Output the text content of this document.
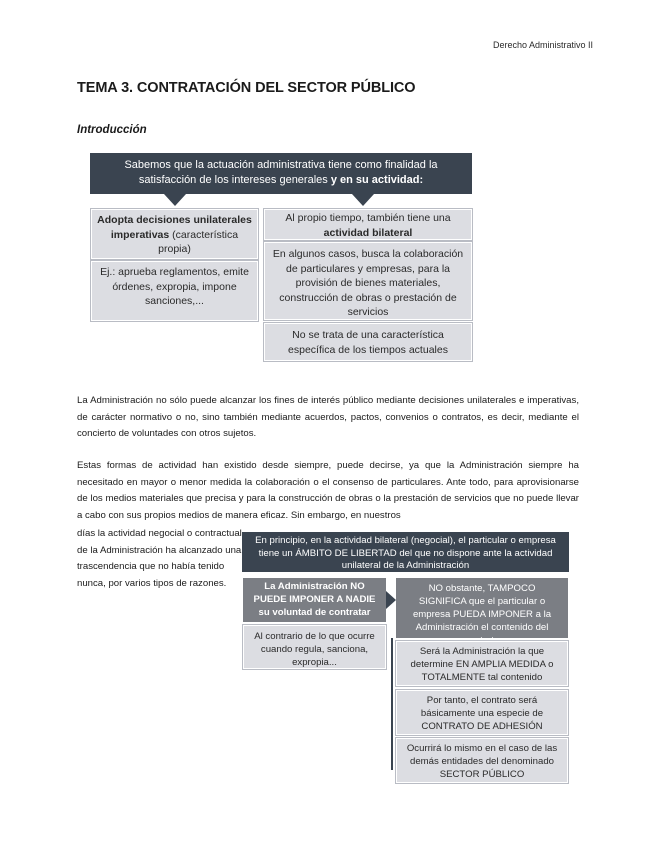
Derecho Administrativo II
TEMA 3. CONTRATACIÓN DEL SECTOR PÚBLICO
Introducción
Sabemos que la actuación administrativa tiene como finalidad la satisfacción de los intereses generales y en su actividad:
Adopta decisiones unilaterales imperativas (característica propia)
Ej.: aprueba reglamentos, emite órdenes, expropia, impone sanciones,...
Al propio tiempo, también tiene una actividad bilateral
En algunos casos, busca la colaboración de particulares y empresas, para la provisión de bienes materiales, construcción de obras o prestación de servicios
No se trata de una característica específica de los tiempos actuales
La Administración no sólo puede alcanzar los fines de interés público mediante decisiones unilaterales e imperativas, de carácter normativo o no, sino también mediante acuerdos, pactos, convenios o contratos, es decir, mediante el concierto de voluntades con otros sujetos.
Estas formas de actividad han existido desde siempre, puede decirse, ya que la Administración siempre ha necesitado en mayor o menor medida la colaboración o el consenso de particulares. Ante todo, para aprovisionarse de los medios materiales que precisa y para la construcción de obras o la prestación de servicios que no puede llevar a cabo con sus propios medios de manera eficaz. Sin embargo, en nuestros
días la actividad negocial o contractual de la Administración ha alcanzado una trascendencia que no había tenido nunca, por varios tipos de razones.
En principio, en la actividad bilateral (negocial), el particular o empresa tiene un ÁMBITO DE LIBERTAD del que no dispone ante la actividad unilateral de la Administración
La Administración NO PUEDE IMPONER A NADIE su voluntad de contratar
Al contrario de lo que ocurre cuando regula, sanciona, expropia...
NO obstante, TAMPOCO SIGNIFICA que el particular o empresa PUEDA IMPONER a la Administración el contenido del
Será la Administración la que determine EN AMPLIA MEDIDA o TOTALMENTE tal contenido
Por tanto, el contrato será básicamente una especie de CONTRATO DE ADHESIÓN
Ocurrirá lo mismo en el caso de las demás entidades del denominado SECTOR PÚBLICO
